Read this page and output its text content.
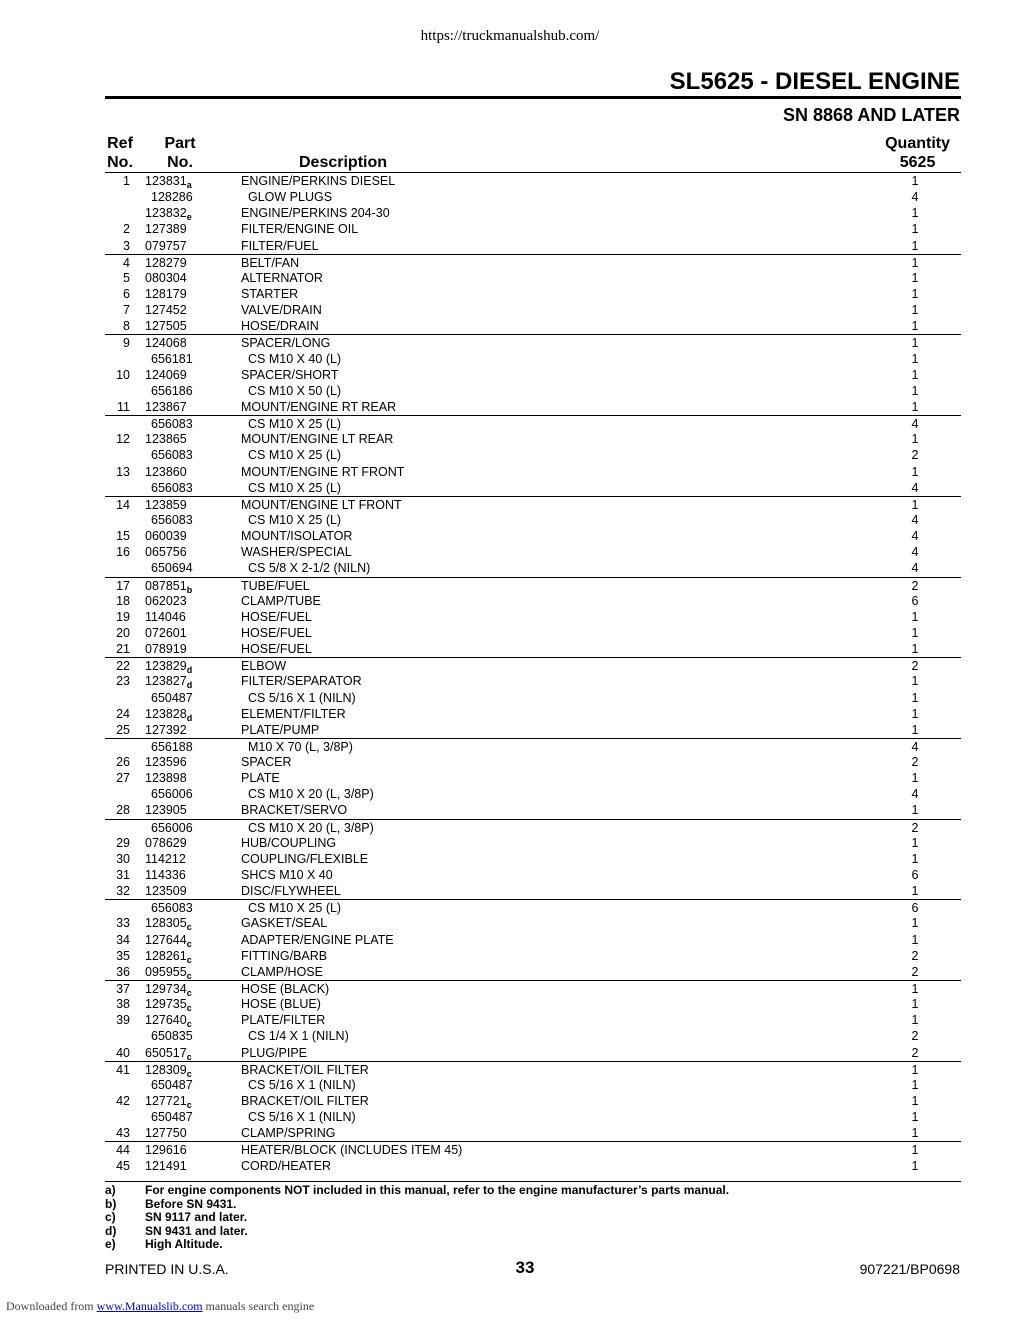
https://truckmanualshub.com/
SL5625 - DIESEL ENGINE
SN 8868 AND LATER
Ref
No.
Part
No.	Description
Quantity
5625
1 $123831_a$	ENGINE/PERKINS DIESEL	1
128286	GLOW PLUGS	4
$123832_e$	ENGINE/PERKINS 204-30	1
2 127389	FILTER/ENGINE OIL	1
3 079757	FILTER/FUEL	1
4 128279	BELT/FAN	1
5 080304	ALTERNATOR	1
6 128179	STARTER	1
7 127452	VALVE/DRAIN	1
8 127505	HOSE/DRAIN	1
9 124068	SPACER/LONG	1
656181	CS M10 X 40 (L)	1
10 124069	SPACER/SHORT	1
656186	CS M10 X 50 (L)	1
11 123867	MOUNT/ENGINE RT REAR	1
656083	CS M10 X 25 (L)	4
12 123865	MOUNT/ENGINE LT REAR	1
656083	CS M10 X 25 (L)	2
13 123860	MOUNT/ENGINE RT FRONT	1
656083	CS M10 X 25 (L)	4
14 123859	MOUNT/ENGINE LT FRONT	1
656083	CS M10 X 25 (L)	4
15 060039	MOUNT/ISOLATOR	4
16 065756	WASHER/SPECIAL	4
650694	CS 5/8 X 2-1/2 (NILN)	4
17 $087851_b$	TUBE/FUEL	2
18 062023	CLAMP/TUBE	6
19 114046	HOSE/FUEL	1
20 072601	HOSE/FUEL	1
21 078919	HOSE/FUEL	1
22 $123829_d$	ELBOW	2
23 $123827_d$	FILTER/SEPARATOR	1
650487	CS 5/16 X 1 (NILN)	1
24 $123828_d$	ELEMENT/FILTER	1
25 127392	PLATE/PUMP	1
656188	M10 X 70 (L, 3/8P)	4
26 123596	SPACER	2
27 123898	PLATE	1
656006	CS M10 X 20 (L, 3/8P)	4
28 123905	BRACKET/SERVO	1
656006	CS M10 X 20 (L, 3/8P)	2
29 078629	HUB/COUPLING	1
30 114212	COUPLING/FLEXIBLE	1
31 114336	SHCS M10 X 40	6
32 123509	DISC/FLYWHEEL	1
656083	CS M10 X 25 (L)	6
33 $128305_c$	GASKET/SEAL	1
34 $127644_c$	ADAPTER/ENGINE PLATE	1
35 $128261_c$	FITTING/BARB	2
36 $095955_c$	CLAMP/HOSE	2
37 $129734_c$	HOSE (BLACK)	1
38 $129735_c$	HOSE (BLUE)	1
39 $127640_c$	PLATE/FILTER	1
650835	CS 1/4 X 1 (NILN)	2
40 $650517_c$	PLUG/PIPE	2
41 $128309_c$	BRACKET/OIL FILTER	1
650487	CS 5/16 X 1 (NILN)	1
42 $127721_c$	BRACKET/OIL FILTER	1
650487	CS 5/16 X 1 (NILN)	1
43 127750	CLAMP/SPRING	1
44 129616	HEATER/BLOCK (INCLUDES ITEM 45)	1
45 121491	CORD/HEATER	1
a) For engine components NOT included in this manual, refer to the engine manufacturer’s parts manual.
b) Before SN 9431.
c) SN 9117 and later.
d) SN 9431 and later.
e) High Altitude.
PRINTED IN U.S.A.	33	907221/BP0698
Downloaded from www.Manualslib.com manuals search engine
